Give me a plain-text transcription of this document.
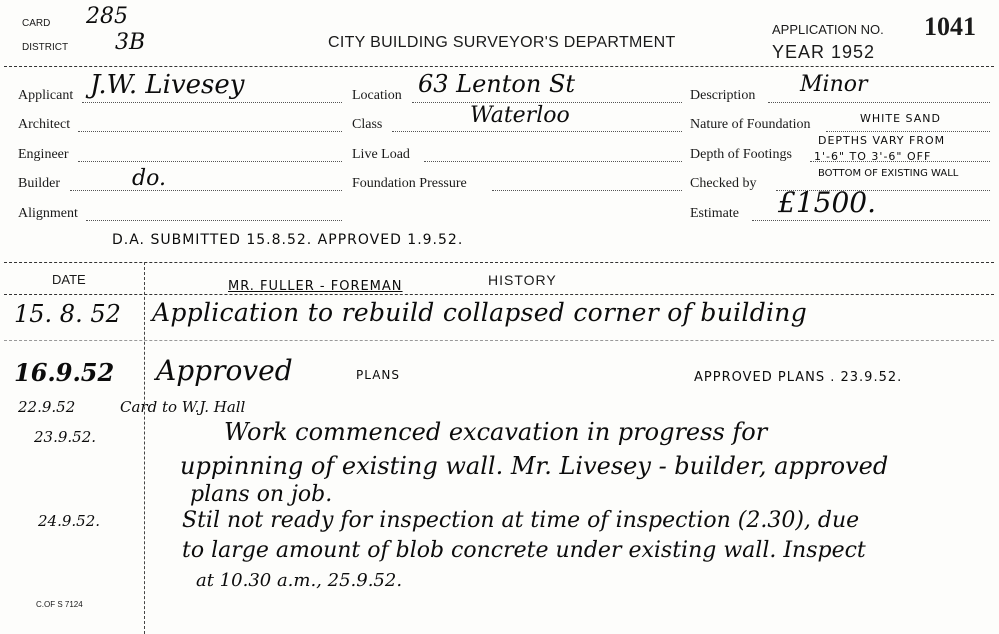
CARD 285
DISTRICT 3B	CITY BUILDING SURVEYOR'S DEPARTMENT
APPLICATION NO. 1041
YEAR 1952
Applicant J.W. Livesey
Architect
Engineer
Builder	do.
Alignment
Location 63 Lenton St
Class	Waterloo
Live Load
Foundation Pressure
Description Minor
Nature of Foundation	WHITE SAND
Depth of Footings
DEPTHS VARY FROM
1'-6" TO 3'-6" OFF
BOTTOM OF EXISTING WALL
Checked by
Estimate £1500.
D.A. SUBMITTED 15.8.52. APPROVED 1.9.52.
DATE	HISTORY
MR. FULLER - FOREMAN
15. 8. 52 Application to rebuild collapsed corner of building
16.9.52 Approved	PLANS	APPROVED PLANS . 23.9.52.
22.9.52	Card to W.J. Hall
23.9.52.	Work commenced excavation in progress for
uppinning of existing wall. Mr. Livesey - builder, approved
plans on job.
24.9.52.	Stil not ready for inspection at time of inspection (2.30), due
to large amount of blob concrete under existing wall. Inspect
at 10.30 a.m., 25.9.52.
C.OF S 7124
